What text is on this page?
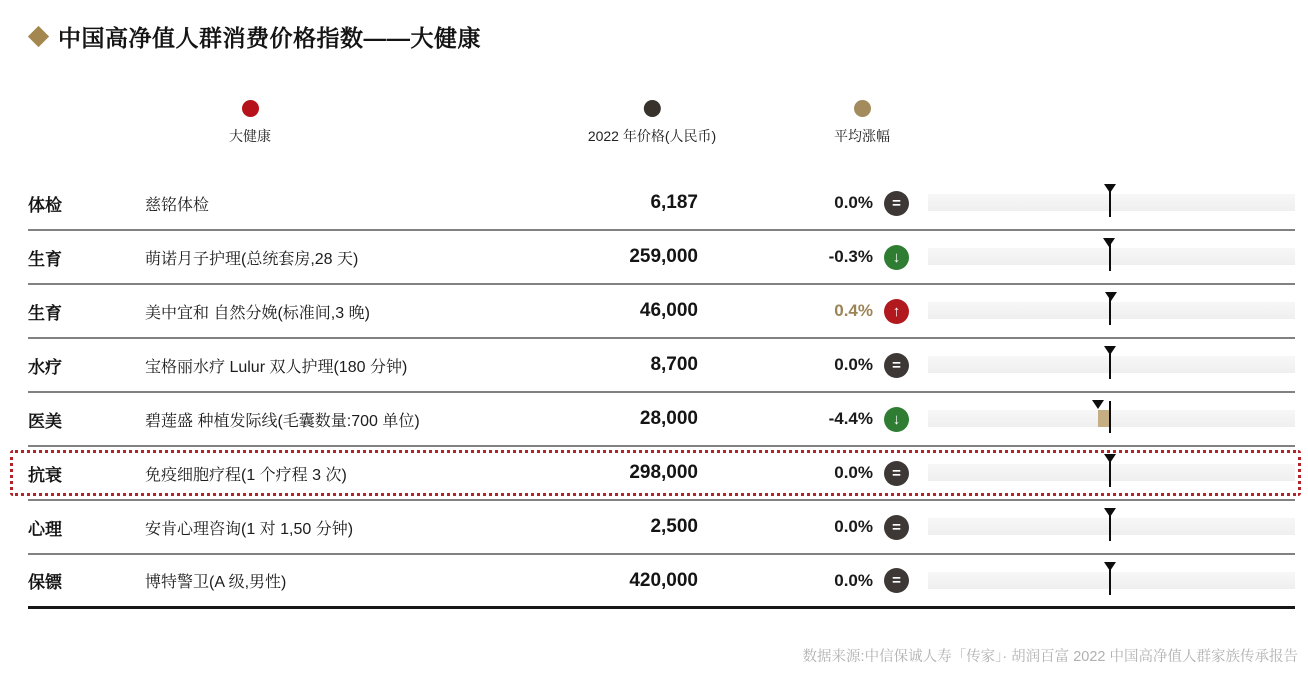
中国高净值人群消费价格指数——大健康
大健康	2022 年价格(人民币)	平均涨幅
体检	慈铭体检	6,187	0.0%	=
生育	萌诺月子护理(总统套房,28 天)	259,000	-0.3%	↓
生育	美中宜和 自然分娩(标准间,3 晚)	46,000	0.4%	↑
水疗	宝格丽水疗 Lulur 双人护理(180 分钟)	8,700	0.0%	=
医美	碧莲盛 种植发际线(毛囊数量:700 单位)	28,000	-4.4%	↓
抗衰	免疫细胞疗程(1 个疗程 3 次)	298,000	0.0%	=
心理	安肯心理咨询(1 对 1,50 分钟)	2,500	0.0%	=
保镖	博特警卫(A 级,男性)	420,000	0.0%	=
数据来源:中信保诚人寿「传家」· 胡润百富 2022 中国高净值人群家族传承报告
